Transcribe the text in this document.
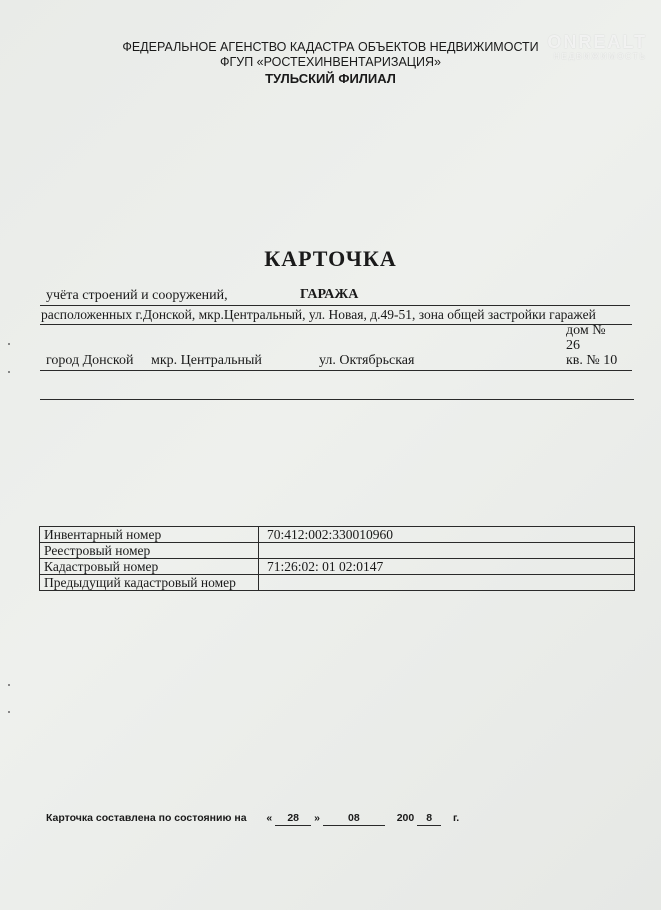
ФЕДЕРАЛЬНОЕ АГЕНСТВО КАДАСТРА ОБЪЕКТОВ НЕДВИЖИМОСТИ
ФГУП «РОСТЕХИНВЕНТАРИЗАЦИЯ»
ТУЛЬСКИЙ ФИЛИАЛ
ONREALT
НЕДВИЖИМОСТЬ
КАРТОЧКА
учёта строений и сооружений,	ГАРАЖА
расположенных г.Донской, мкр.Центральный, ул. Новая, д.49-51, зона общей застройки гаражей
дом №
26
город Донской мкр. Центральный	ул. Октябрьская	кв. № 10
Инвентарный номер	70:412:002:330010960
Реестровый номер	
Кадастровый номер	71:26:02: 01 02:0147
Предыдущий кадастровый номер	
Карточка составлена по состоянию на « 28 »	08	200 8 г.
